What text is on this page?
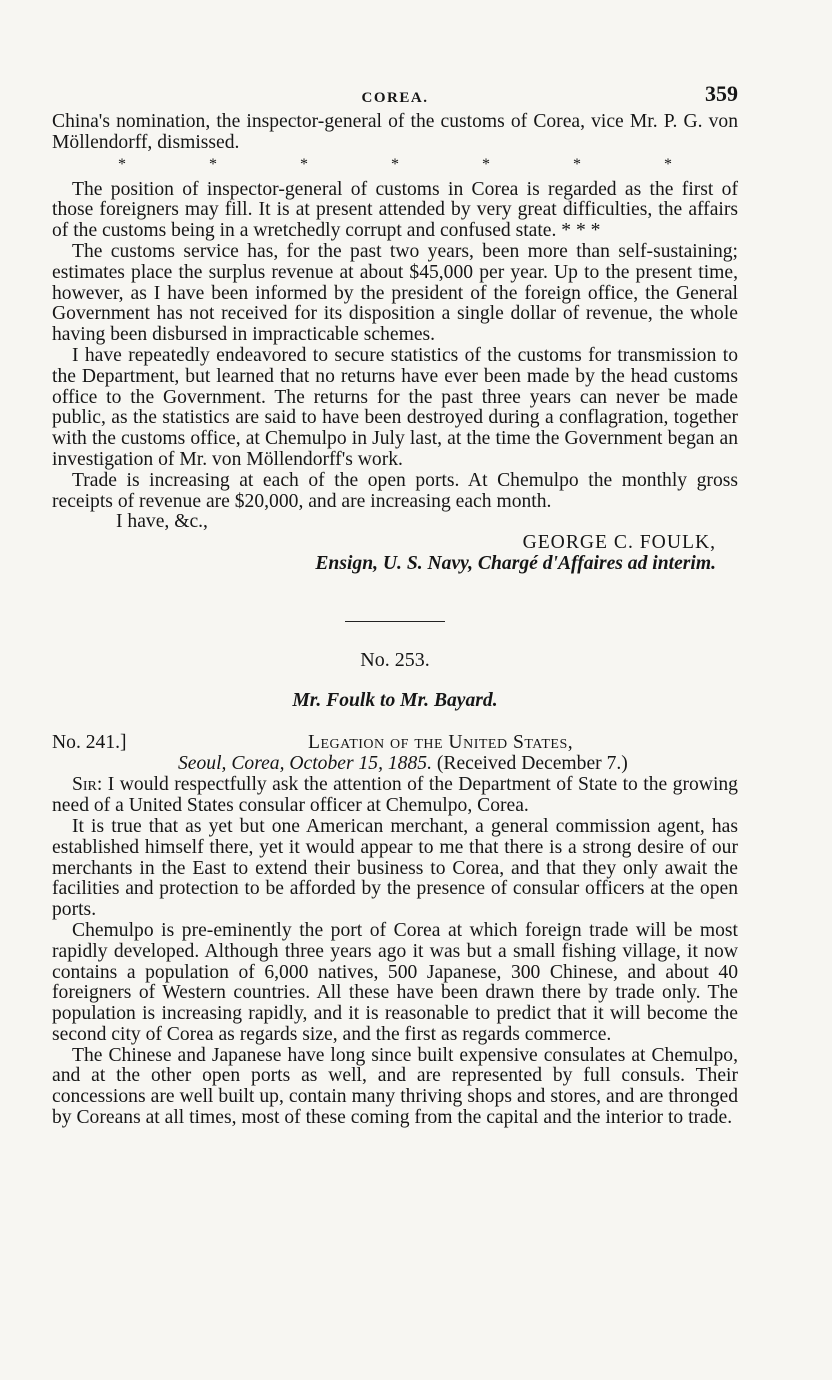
COREA.	359

China's nomination, the inspector-general of the customs of Corea, vice Mr. P. G. von Möllendorff, dismissed.

*	*	*	*	*	*	*

The position of inspector-general of customs in Corea is regarded as the first of those foreigners may fill. It is at present attended by very great difficulties, the affairs of the customs being in a wretchedly corrupt and confused state. * * *

The customs service has, for the past two years, been more than self-sustaining; estimates place the surplus revenue at about $45,000 per year. Up to the present time, however, as I have been informed by the president of the foreign office, the General Government has not received for its disposition a single dollar of revenue, the whole having been disbursed in impracticable schemes.

I have repeatedly endeavored to secure statistics of the customs for transmission to the Department, but learned that no returns have ever been made by the head customs office to the Government. The returns for the past three years can never be made public, as the statistics are said to have been destroyed during a conflagration, together with the customs office, at Chemulpo in July last, at the time the Government began an investigation of Mr. von Möllendorff's work.

Trade is increasing at each of the open ports. At Chemulpo the monthly gross receipts of revenue are $20,000, and are increasing each month.

I have, &c.,
GEORGE C. FOULK,
Ensign, U. S. Navy, Chargé d'Affaires ad interim.
No. 253.
Mr. Foulk to Mr. Bayard.
No. 241.]	Legation of the United States,
Seoul, Corea, October 15, 1885. (Received December 7.)

Sir: I would respectfully ask the attention of the Department of State to the growing need of a United States consular officer at Chemulpo, Corea.

It is true that as yet but one American merchant, a general commission agent, has established himself there, yet it would appear to me that there is a strong desire of our merchants in the East to extend their business to Corea, and that they only await the facilities and protection to be afforded by the presence of consular officers at the open ports.

Chemulpo is pre-eminently the port of Corea at which foreign trade will be most rapidly developed. Although three years ago it was but a small fishing village, it now contains a population of 6,000 natives, 500 Japanese, 300 Chinese, and about 40 foreigners of Western countries. All these have been drawn there by trade only. The population is increasing rapidly, and it is reasonable to predict that it will become the second city of Corea as regards size, and the first as regards commerce.

The Chinese and Japanese have long since built expensive consulates at Chemulpo, and at the other open ports as well, and are represented by full consuls. Their concessions are well built up, contain many thriving shops and stores, and are thronged by Coreans at all times, most of these coming from the capital and the interior to trade.
